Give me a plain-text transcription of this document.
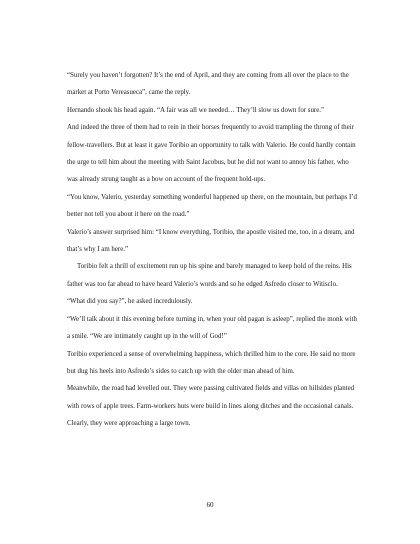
“Surely you haven’t forgotten? It’s the end of April, and they are coming from all over the place to the market at Porto Vereasueca”, came the reply.

Hernando shook his head again. “A fair was all we needed… They’ll slow us down for sure.”

And indeed the three of them had to rein in their horses frequently to avoid trampling the throng of their fellow-travellers. But at least it gave Toribio an opportunity to talk with Valerio. He could hardly contain the urge to tell him about the meeting with Saint Jacobus, but he did not want to annoy his father, who was already strung taught as a bow on account of the frequent hold-ups.

“You know, Valerio, yesterday something wonderful happened up there, on the mountain, but perhaps I’d better not tell you about it here on the road.”

Valerio’s answer surprised him: “I know everything, Toribio, the apostle visited me, too, in a dream, and that’s why I am here.”

Toribio felt a thrill of excitement run up his spine and barely managed to keep hold of the reins. His father was too far ahead to have heard Valerio’s words and so he edged Asfredo closer to Witisclo.

“What did you say?”, he asked incredulously.

“We’ll talk about it this evening before turning in, when your old pagan is asleep”, replied the monk with a smile. “We are intimately caught up in the will of God!”

Toribio experienced a sense of overwhelming happiness, which thrilled him to the core. He said no more but dug his heels into Asfredo’s sides to catch up with the older man ahead of him.

Meanwhile, the road had levelled out. They were passing cultivated fields and villas on hillsides planted with rows of apple trees. Farm-workers huts were build in lines along ditches and the occasional canals. Clearly, they were approaching a large town.

60
